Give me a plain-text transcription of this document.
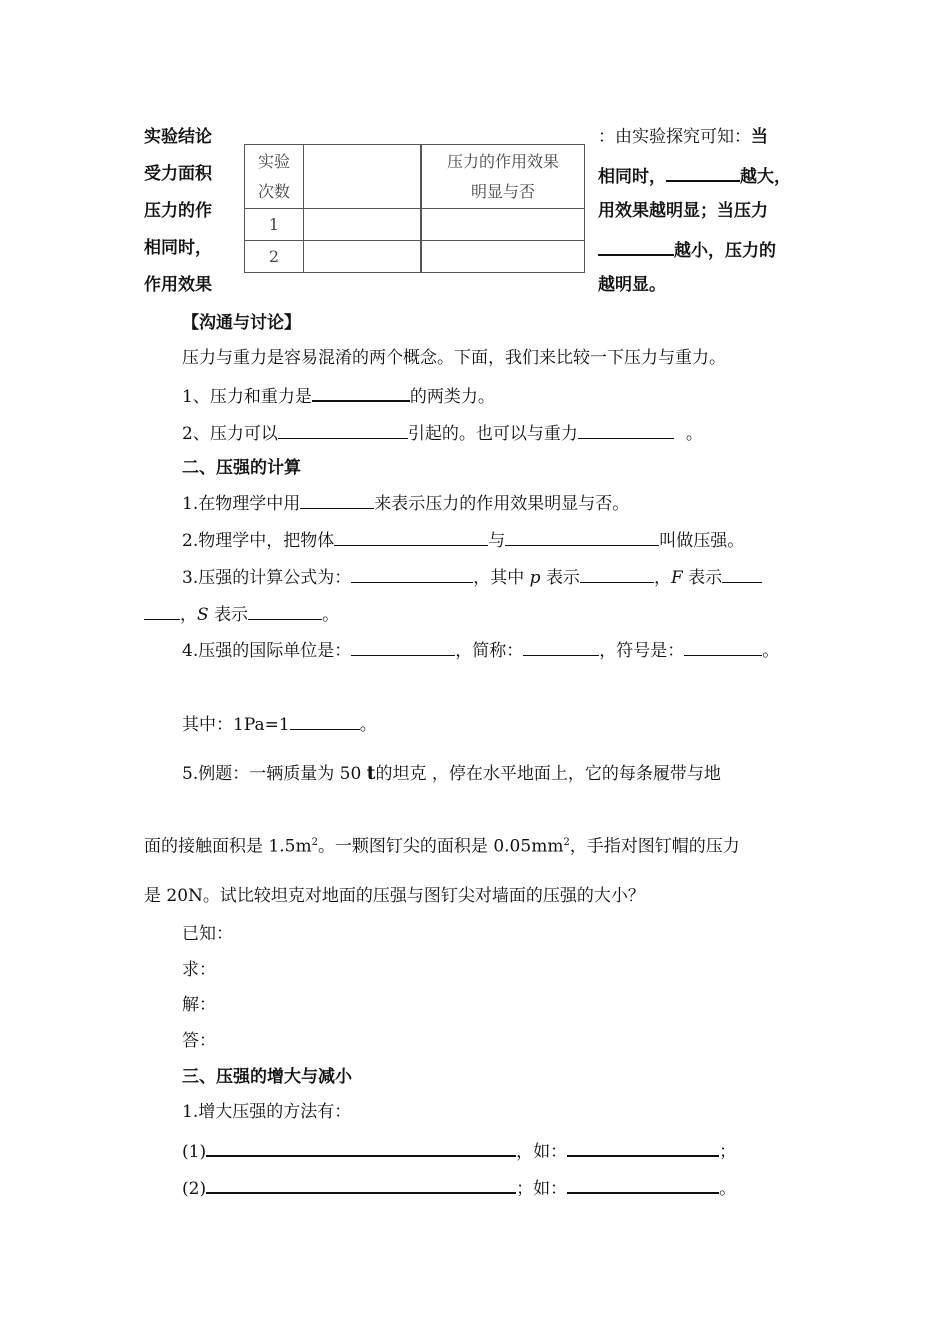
实验结论
受力面积
压力的作
相同时，
作用效果
实验
次数			压力的作用效果
明显与否
1			
2			
：由实验探究可知：当
相同时，	越大，
用效果越明显；当压力
越小，压力的
越明显。
【沟通与讨论】
压力与重力是容易混淆的两个概念。下面，我们来比较一下压力与重力。
1、压力和重力是	的两类力。
2、压力可以	引起的。也可以与重力	。
二、压强的计算
1.在物理学中用	来表示压力的作用效果明显与否。
2.物理学中，把物体	与	叫做压强。
3.压强的计算公式为：	，其中 p 表示	，F 表示
，S 表示	。
4.压强的国际单位是：	，简称：	，符号是：	。
其中：1Pa=1	。
5.例题：一辆质量为 50 t的坦克 ，停在水平地面上，它的每条履带与地
面的接触面积是 $1.5m^2$。一颗图钉尖的面积是 $0.05mm^2$，手指对图钉帽的压力
是 20N。试比较坦克对地面的压强与图钉尖对墙面的压强的大小？
已知：
求：
解：
答：
三、压强的增大与减小
1.增大压强的方法有：
(1)	，如：	；
(2)	；如：	。
